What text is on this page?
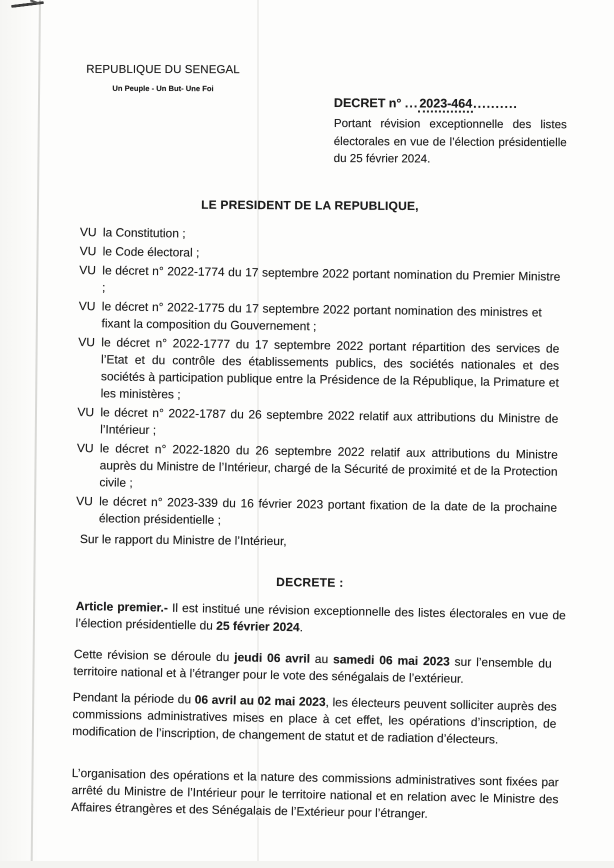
REPUBLIQUE DU SENEGAL
Un Peuple - Un But- Une Foi
DECRET n° ...2023-464..........
Portant révision exceptionnelle des listes électorales en vue de l’élection présidentielle du 25 février 2024.
LE PRESIDENT DE LA REPUBLIQUE,
VU la Constitution ;
VU le Code électoral ;
VU le décret n° 2022-1774 du 17 septembre 2022 portant nomination du Premier Ministre ;
VU le décret n° 2022-1775 du 17 septembre 2022 portant nomination des ministres et fixant la composition du Gouvernement ;
VU le décret n° 2022-1777 du 17 septembre 2022 portant répartition des services de l’Etat et du contrôle des établissements publics, des sociétés nationales et des sociétés à participation publique entre la Présidence de la République, la Primature et les ministères ;
VU le décret n° 2022-1787 du 26 septembre 2022 relatif aux attributions du Ministre de l’Intérieur ;
VU le décret n° 2022-1820 du 26 septembre 2022 relatif aux attributions du Ministre auprès du Ministre de l’Intérieur, chargé de la Sécurité de proximité et de la Protection civile ;
VU le décret n° 2023-339 du 16 février 2023 portant fixation de la date de la prochaine élection présidentielle ;
Sur le rapport du Ministre de l’Intérieur,
DECRETE :
Article premier.- Il est institué une révision exceptionnelle des listes électorales en vue de l’élection présidentielle du 25 février 2024.
Cette révision se déroule du jeudi 06 avril au samedi 06 mai 2023 sur l’ensemble du territoire national et à l’étranger pour le vote des sénégalais de l’extérieur.
Pendant la période du 06 avril au 02 mai 2023, les électeurs peuvent solliciter auprès des commissions administratives mises en place à cet effet, les opérations d’inscription, de modification de l’inscription, de changement de statut et de radiation d’électeurs.
L’organisation des opérations et la nature des commissions administratives sont fixées par arrêté du Ministre de l’Intérieur pour le territoire national et en relation avec le Ministre des Affaires étrangères et des Sénégalais de l’Extérieur pour l’étranger.
